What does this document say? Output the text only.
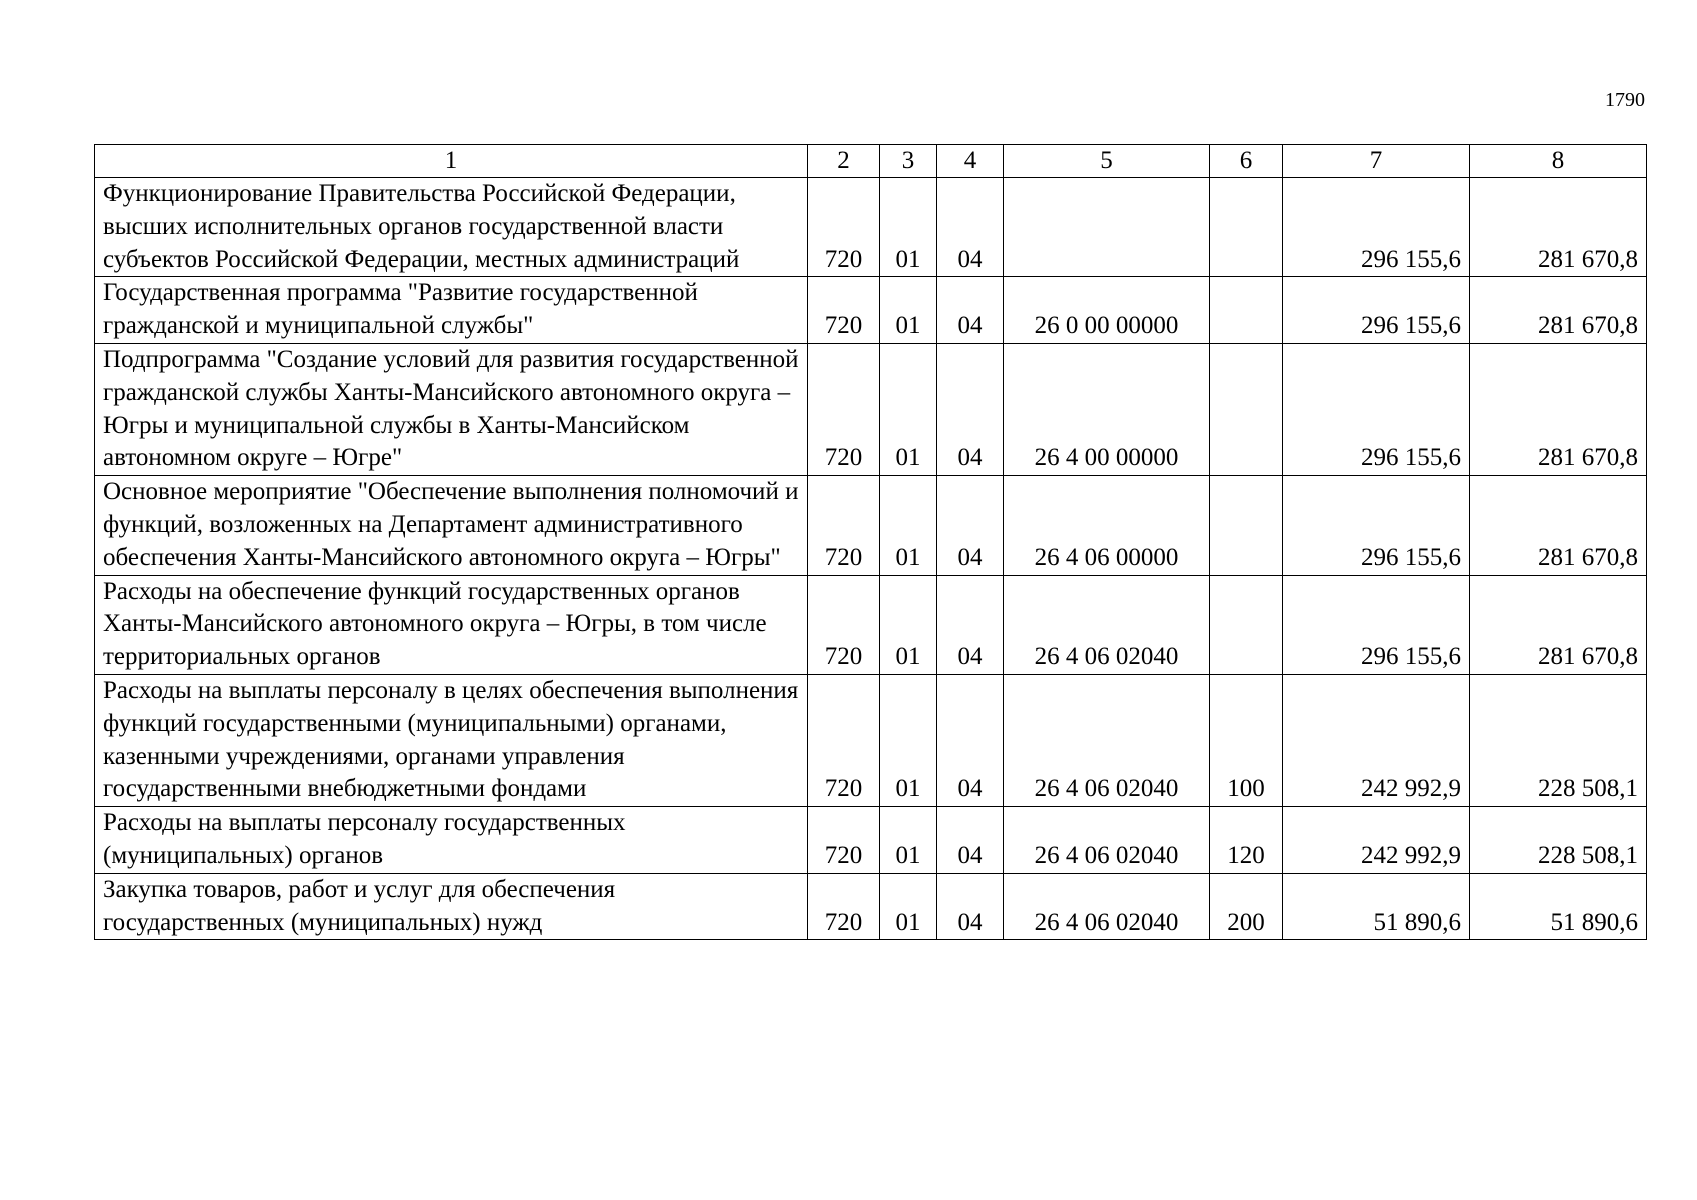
1790
1	2	3	4	5	6	7	8
Функционирование Правительства Российской Федерации, высших исполнительных органов государственной власти субъектов Российской Федерации, местных администраций	720	01	04			296 155,6	281 670,8
Государственная программа "Развитие государственной гражданской и муниципальной службы"	720	01	04	26 0 00 00000		296 155,6	281 670,8
Подпрограмма "Создание условий для развития государственной гражданской службы Ханты-Мансийского автономного округа – Югры и муниципальной службы в Ханты-Мансийском автономном округе – Югре"	720	01	04	26 4 00 00000		296 155,6	281 670,8
Основное мероприятие "Обеспечение выполнения полномочий и функций, возложенных на Департамент административного обеспечения Ханты-Мансийского автономного округа – Югры"	720	01	04	26 4 06 00000		296 155,6	281 670,8
Расходы на обеспечение функций государственных органов Ханты-Мансийского автономного округа – Югры, в том числе территориальных органов	720	01	04	26 4 06 02040		296 155,6	281 670,8
Расходы на выплаты персоналу в целях обеспечения выполнения функций государственными (муниципальными) органами, казенными учреждениями, органами управления государственными внебюджетными фондами	720	01	04	26 4 06 02040	100	242 992,9	228 508,1
Расходы на выплаты персоналу государственных (муниципальных) органов	720	01	04	26 4 06 02040	120	242 992,9	228 508,1
Закупка товаров, работ и услуг для обеспечения государственных (муниципальных) нужд	720	01	04	26 4 06 02040	200	51 890,6	51 890,6
